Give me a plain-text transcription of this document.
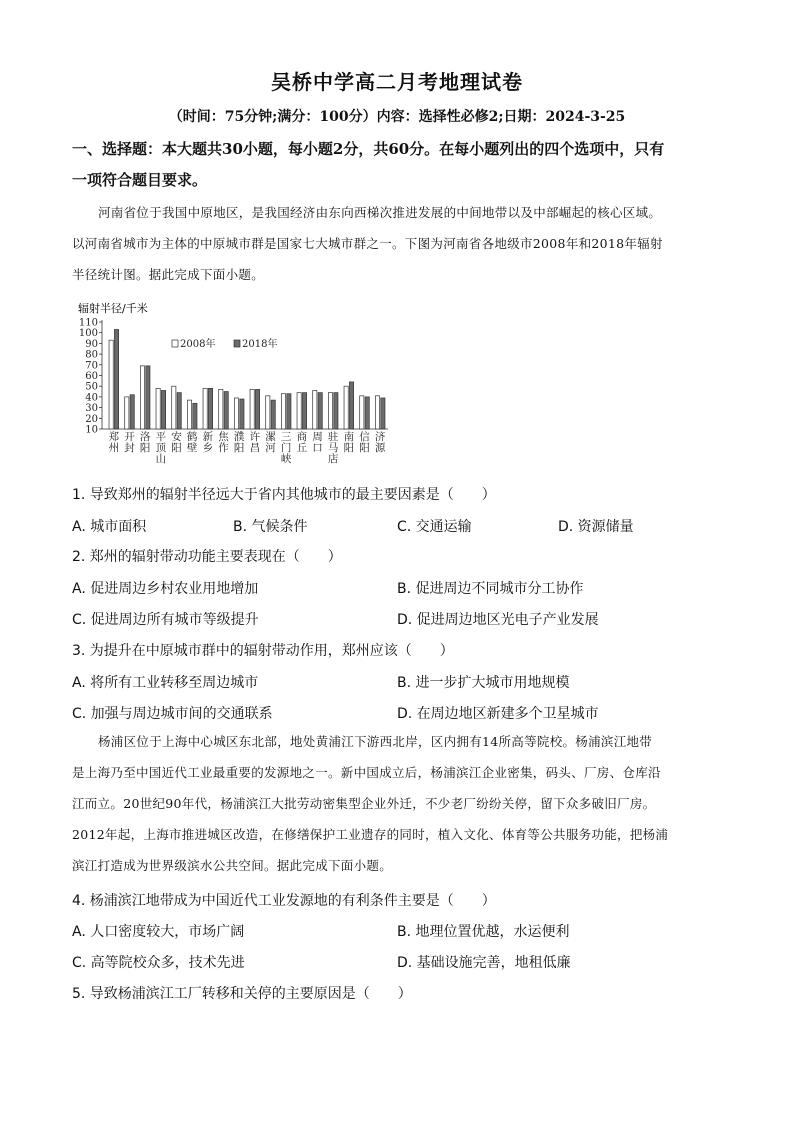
吴桥中学高二月考地理试卷
（时间：75分钟;满分：100分）内容：选择性必修2;日期：2024-3-25
一、选择题：本大题共30小题，每小题2分，共60分。在每小题列出的四个选项中，只有
一项符合题目要求。
河南省位于我国中原地区，是我国经济由东向西梯次推进发展的中间地带以及中部崛起的核心区域。
以河南省城市为主体的中原城市群是国家七大城市群之一。下图为河南省各地级市2008年和2018年辐射
半径统计图。据此完成下面小题。
辐射半径/千米
10
20
30
40
50
60
70
80
90
100
110
郑
州
开
封
洛
阳
平
顶
山
安
阳
鹤
壁
新
乡
焦
作
濮
阳
许
昌
漯
河
三
门
峡
商
丘
周
口
驻
马
店
南
阳
信
阳
济
源
2008年	2018年
1. 导致郑州的辐射半径远大于省内其他城市的最主要因素是（　　）
A. 城市面积	B. 气候条件	C. 交通运输	D. 资源储量
2. 郑州的辐射带动功能主要表现在（　　）
A. 促进周边乡村农业用地增加	B. 促进周边不同城市分工协作
C. 促进周边所有城市等级提升	D. 促进周边地区光电子产业发展
3. 为提升在中原城市群中的辐射带动作用，郑州应该（　　）
A. 将所有工业转移至周边城市	B. 进一步扩大城市用地规模
C. 加强与周边城市间的交通联系	D. 在周边地区新建多个卫星城市
杨浦区位于上海中心城区东北部，地处黄浦江下游西北岸，区内拥有14所高等院校。杨浦滨江地带
是上海乃至中国近代工业最重要的发源地之一。新中国成立后，杨浦滨江企业密集，码头、厂房、仓库沿
江而立。20世纪90年代，杨浦滨江大批劳动密集型企业外迁，不少老厂纷纷关停，留下众多破旧厂房。
2012年起，上海市推进城区改造，在修缮保护工业遗存的同时，植入文化、体育等公共服务功能，把杨浦
滨江打造成为世界级滨水公共空间。据此完成下面小题。
4. 杨浦滨江地带成为中国近代工业发源地的有利条件主要是（　　）
A. 人口密度较大，市场广阔	B. 地理位置优越，水运便利
C. 高等院校众多，技术先进	D. 基础设施完善，地租低廉
5. 导致杨浦滨江工厂转移和关停的主要原因是（　　）
